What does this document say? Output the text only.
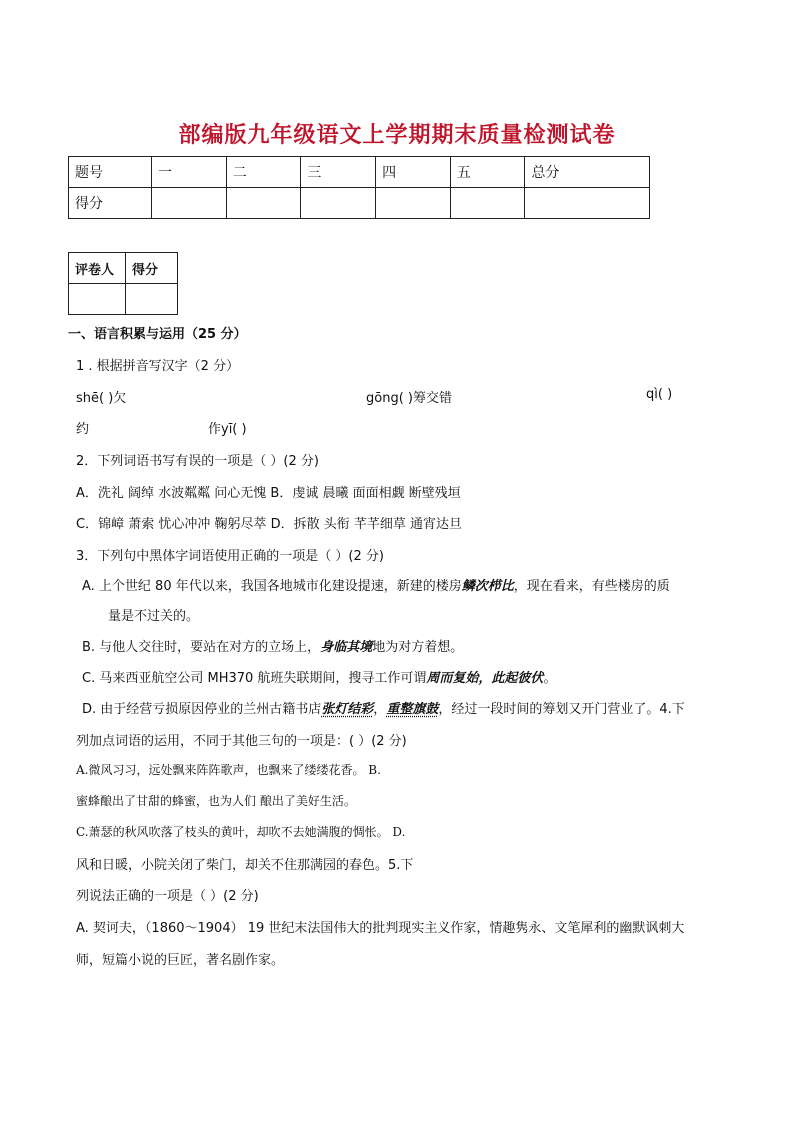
部编版九年级语文上学期期末质量检测试卷
题号	一	二	三	四	五	总分
得分						
评卷人	得分

一、语言积累与运用（25 分）
1 . 根据拼音写汉字（2 分）
shē( )欠	gōng( )筹交错	qì( )
约	作yī( )
2．下列词语书写有误的一项是（ ）(2 分)
A．洗礼 阔绰 水波粼粼 问心无愧 B．虔诚 晨曦 面面相觑 断壁残垣
C．锦嶂 萧索 忧心冲冲 鞠躬尽萃 D．拆散 头衔 芊芊细草 通宵达旦
3．下列句中黑体字词语使用正确的一项是（ ）(2 分)
A. 上个世纪 80 年代以来，我国各地城市化建设提速，新建的楼房鳞次栉比，现在看来，有些楼房的质
量是不过关的。
B. 与他人交往时，要站在对方的立场上，身临其境地为对方着想。
C. 马来西亚航空公司 MH370 航班失联期间，搜寻工作可谓周而复始，此起彼伏。
D. 由于经营亏损原因停业的兰州古籍书店张灯结彩，重整旗鼓，经过一段时间的筹划又开门营业了。4.下
列加点词语的运用，不同于其他三句的一项是：( ）(2 分)
A.微风习习，远处飘来阵阵歌声，也飘来了缕缕花香。 B.
蜜蜂酿出了甘甜的蜂蜜，也为人们 酿出了美好生活。
C.萧瑟的秋风吹落了枝头的黄叶，却吹不去她满腹的惆怅。 D.
风和日暖，小院关闭了柴门，却关不住那满园的春色。5.下
列说法正确的一项是（ ）(2 分)
A. 契诃夫，（1860～1904） 19 世纪末法国伟大的批判现实主义作家，情趣隽永、文笔犀利的幽默讽刺大
师，短篇小说的巨匠，著名剧作家。
